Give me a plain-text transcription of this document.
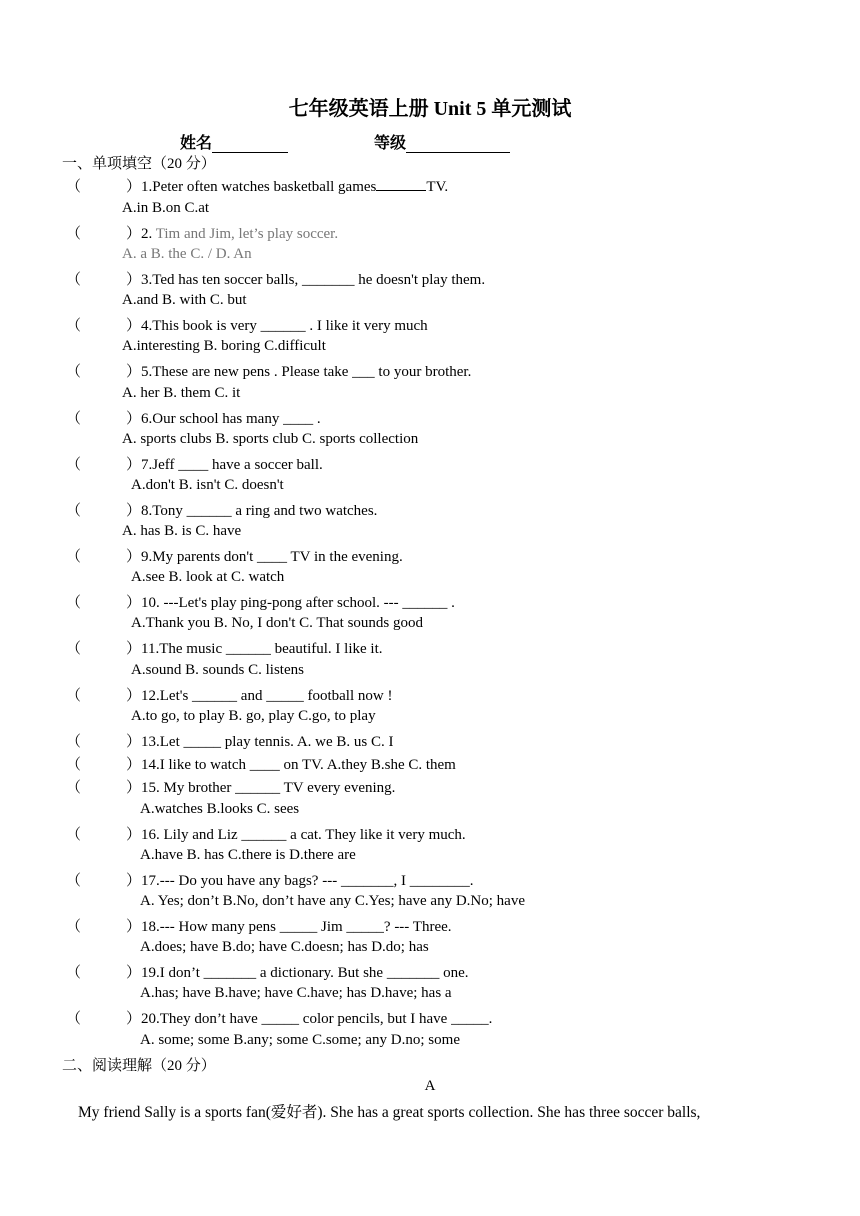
七年级英语上册 Unit 5 单元测试
姓名	等级
一、单项填空（20 分）
（	）1.Peter often watches basketball games	TV.
A.in B.on C.at
（	）2. Tim and Jim, let’s play soccer.
A. a B. the C. / D. An
（	）3.Ted has ten soccer balls, _______ he doesn't play them.
A.and B. with C. but
（	）4.This book is very ______ . I like it very much
A.interesting B. boring C.difficult
（	）5.These are new pens . Please take ___ to your brother.
A. her B. them C. it
（	）6.Our school has many ____ .
A. sports clubs B. sports club C. sports collection
（	）7.Jeff ____ have a soccer ball.
A.don't B. isn't C. doesn't
（	）8.Tony ______ a ring and two watches.
A. has B. is C. have
（	）9.My parents don't ____ TV in the evening.
A.see B. look at C. watch
（	）10. ---Let's play ping-pong after school. --- ______ .
A.Thank you B. No, I don't C. That sounds good
（	）11.The music ______ beautiful. I like it.
A.sound B. sounds C. listens
（	）12.Let's ______ and _____ football now !
A.to go, to play B. go, play C.go, to play
（	）13.Let _____ play tennis. A. we B. us C. I
（	）14.I like to watch ____ on TV. A.they B.she C. them
（	）15. My brother ______ TV every evening.
A.watches B.looks C. sees
（	）16. Lily and Liz ______ a cat. They like it very much.
A.have B. has C.there is D.there are
（	）17.--- Do you have any bags? --- _______, I ________.
A. Yes; don’t B.No, don’t have any C.Yes; have any D.No; have
（	）18.--- How many pens _____ Jim _____? --- Three.
A.does; have B.do; have C.doesn; has D.do; has
（	）19.I don’t _______ a dictionary. But she _______ one.
A.has; have B.have; have C.have; has D.have; has a
（	）20.They don’t have _____ color pencils, but I have _____.
A. some; some B.any; some C.some; any D.no; some
二、阅读理解（20 分）
A
My friend Sally is a sports fan(爱好者). She has a great sports collection. She has three soccer balls,
